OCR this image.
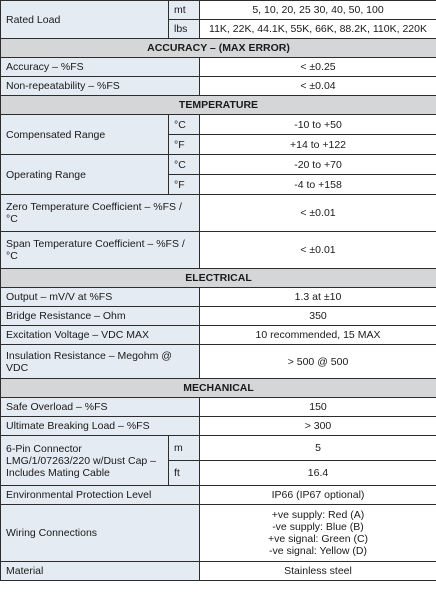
Rated Load	mt	5, 10, 20, 25 30, 40, 50, 100
	lbs	11K, 22K, 44.1K, 55K, 66K, 88.2K, 110K, 220K
ACCURACY – (MAX ERROR)		
Accuracy – %FS		< ±0.25
Non-repeatability – %FS		< ±0.04
TEMPERATURE		
Compensated Range	°C	-10 to +50
	°F	+14 to +122
Operating Range	°C	-20 to +70
	°F	-4 to +158
Zero Temperature Coefficient – %FS / °C		< ±0.01
Span Temperature Coefficient – %FS / °C		< ±0.01
ELECTRICAL		
Output – mV/V at %FS		1.3 at ±10
Bridge Resistance – Ohm		350
Excitation Voltage – VDC MAX		10 recommended, 15 MAX
Insulation Resistance – Megohm @ VDC		> 500 @ 500
MECHANICAL		
Safe Overload – %FS		150
Ultimate Breaking Load – %FS		> 300
6-Pin Connector LMG/1/07263/220 w/Dust Cap – Includes Mating Cable	m	5
	ft	16.4
Environmental Protection Level		IP66 (IP67 optional)
Wiring Connections		+ve supply: Red (A)
-ve supply: Blue (B)
+ve signal: Green (C)
-ve signal: Yellow (D)

Material		Stainless steel
